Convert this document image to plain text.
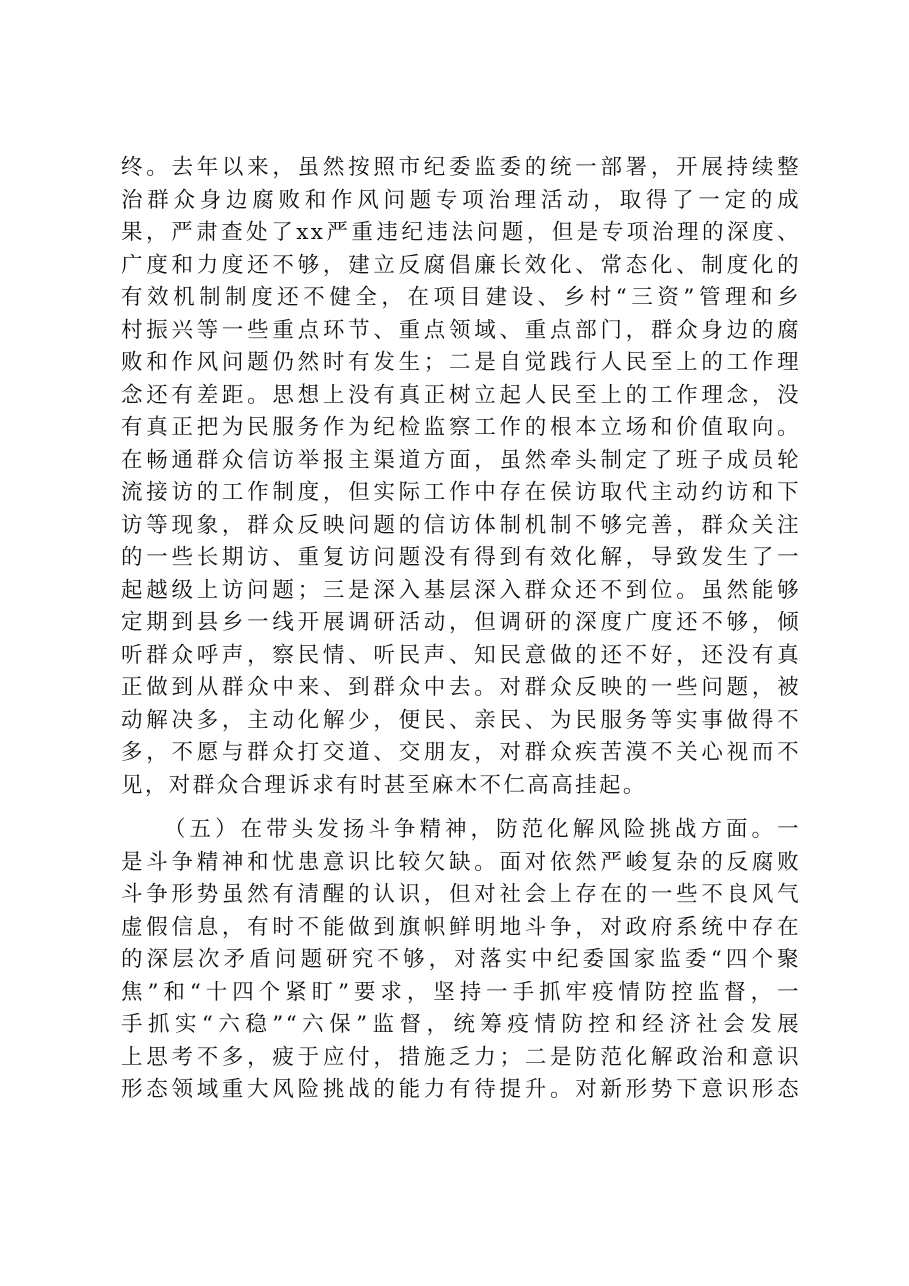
终。去年以来，虽然按照市纪委监委的统一部署，开展持续整
治群众身边腐败和作风问题专项治理活动，取得了一定的成
果，严肃查处了xx严重违纪违法问题，但是专项治理的深度、
广度和力度还不够，建立反腐倡廉长效化、常态化、制度化的
有效机制制度还不健全，在项目建设、乡村“三资”管理和乡
村振兴等一些重点环节、重点领域、重点部门，群众身边的腐
败和作风问题仍然时有发生；二是自觉践行人民至上的工作理
念还有差距。思想上没有真正树立起人民至上的工作理念，没
有真正把为民服务作为纪检监察工作的根本立场和价值取向。
在畅通群众信访举报主渠道方面，虽然牵头制定了班子成员轮
流接访的工作制度，但实际工作中存在侯访取代主动约访和下
访等现象，群众反映问题的信访体制机制不够完善，群众关注
的一些长期访、重复访问题没有得到有效化解，导致发生了一
起越级上访问题；三是深入基层深入群众还不到位。虽然能够
定期到县乡一线开展调研活动，但调研的深度广度还不够，倾
听群众呼声，察民情、听民声、知民意做的还不好，还没有真
正做到从群众中来、到群众中去。对群众反映的一些问题，被
动解决多，主动化解少，便民、亲民、为民服务等实事做得不
多，不愿与群众打交道、交朋友，对群众疾苦漠不关心视而不
见，对群众合理诉求有时甚至麻木不仁高高挂起。
（五）在带头发扬斗争精神，防范化解风险挑战方面。一
是斗争精神和忧患意识比较欠缺。面对依然严峻复杂的反腐败
斗争形势虽然有清醒的认识，但对社会上存在的一些不良风气
虚假信息，有时不能做到旗帜鲜明地斗争，对政府系统中存在
的深层次矛盾问题研究不够，对落实中纪委国家监委“四个聚
焦”和“十四个紧盯”要求，坚持一手抓牢疫情防控监督，一
手抓实“六稳”“六保”监督，统筹疫情防控和经济社会发展
上思考不多，疲于应付，措施乏力；二是防范化解政治和意识
形态领域重大风险挑战的能力有待提升。对新形势下意识形态
